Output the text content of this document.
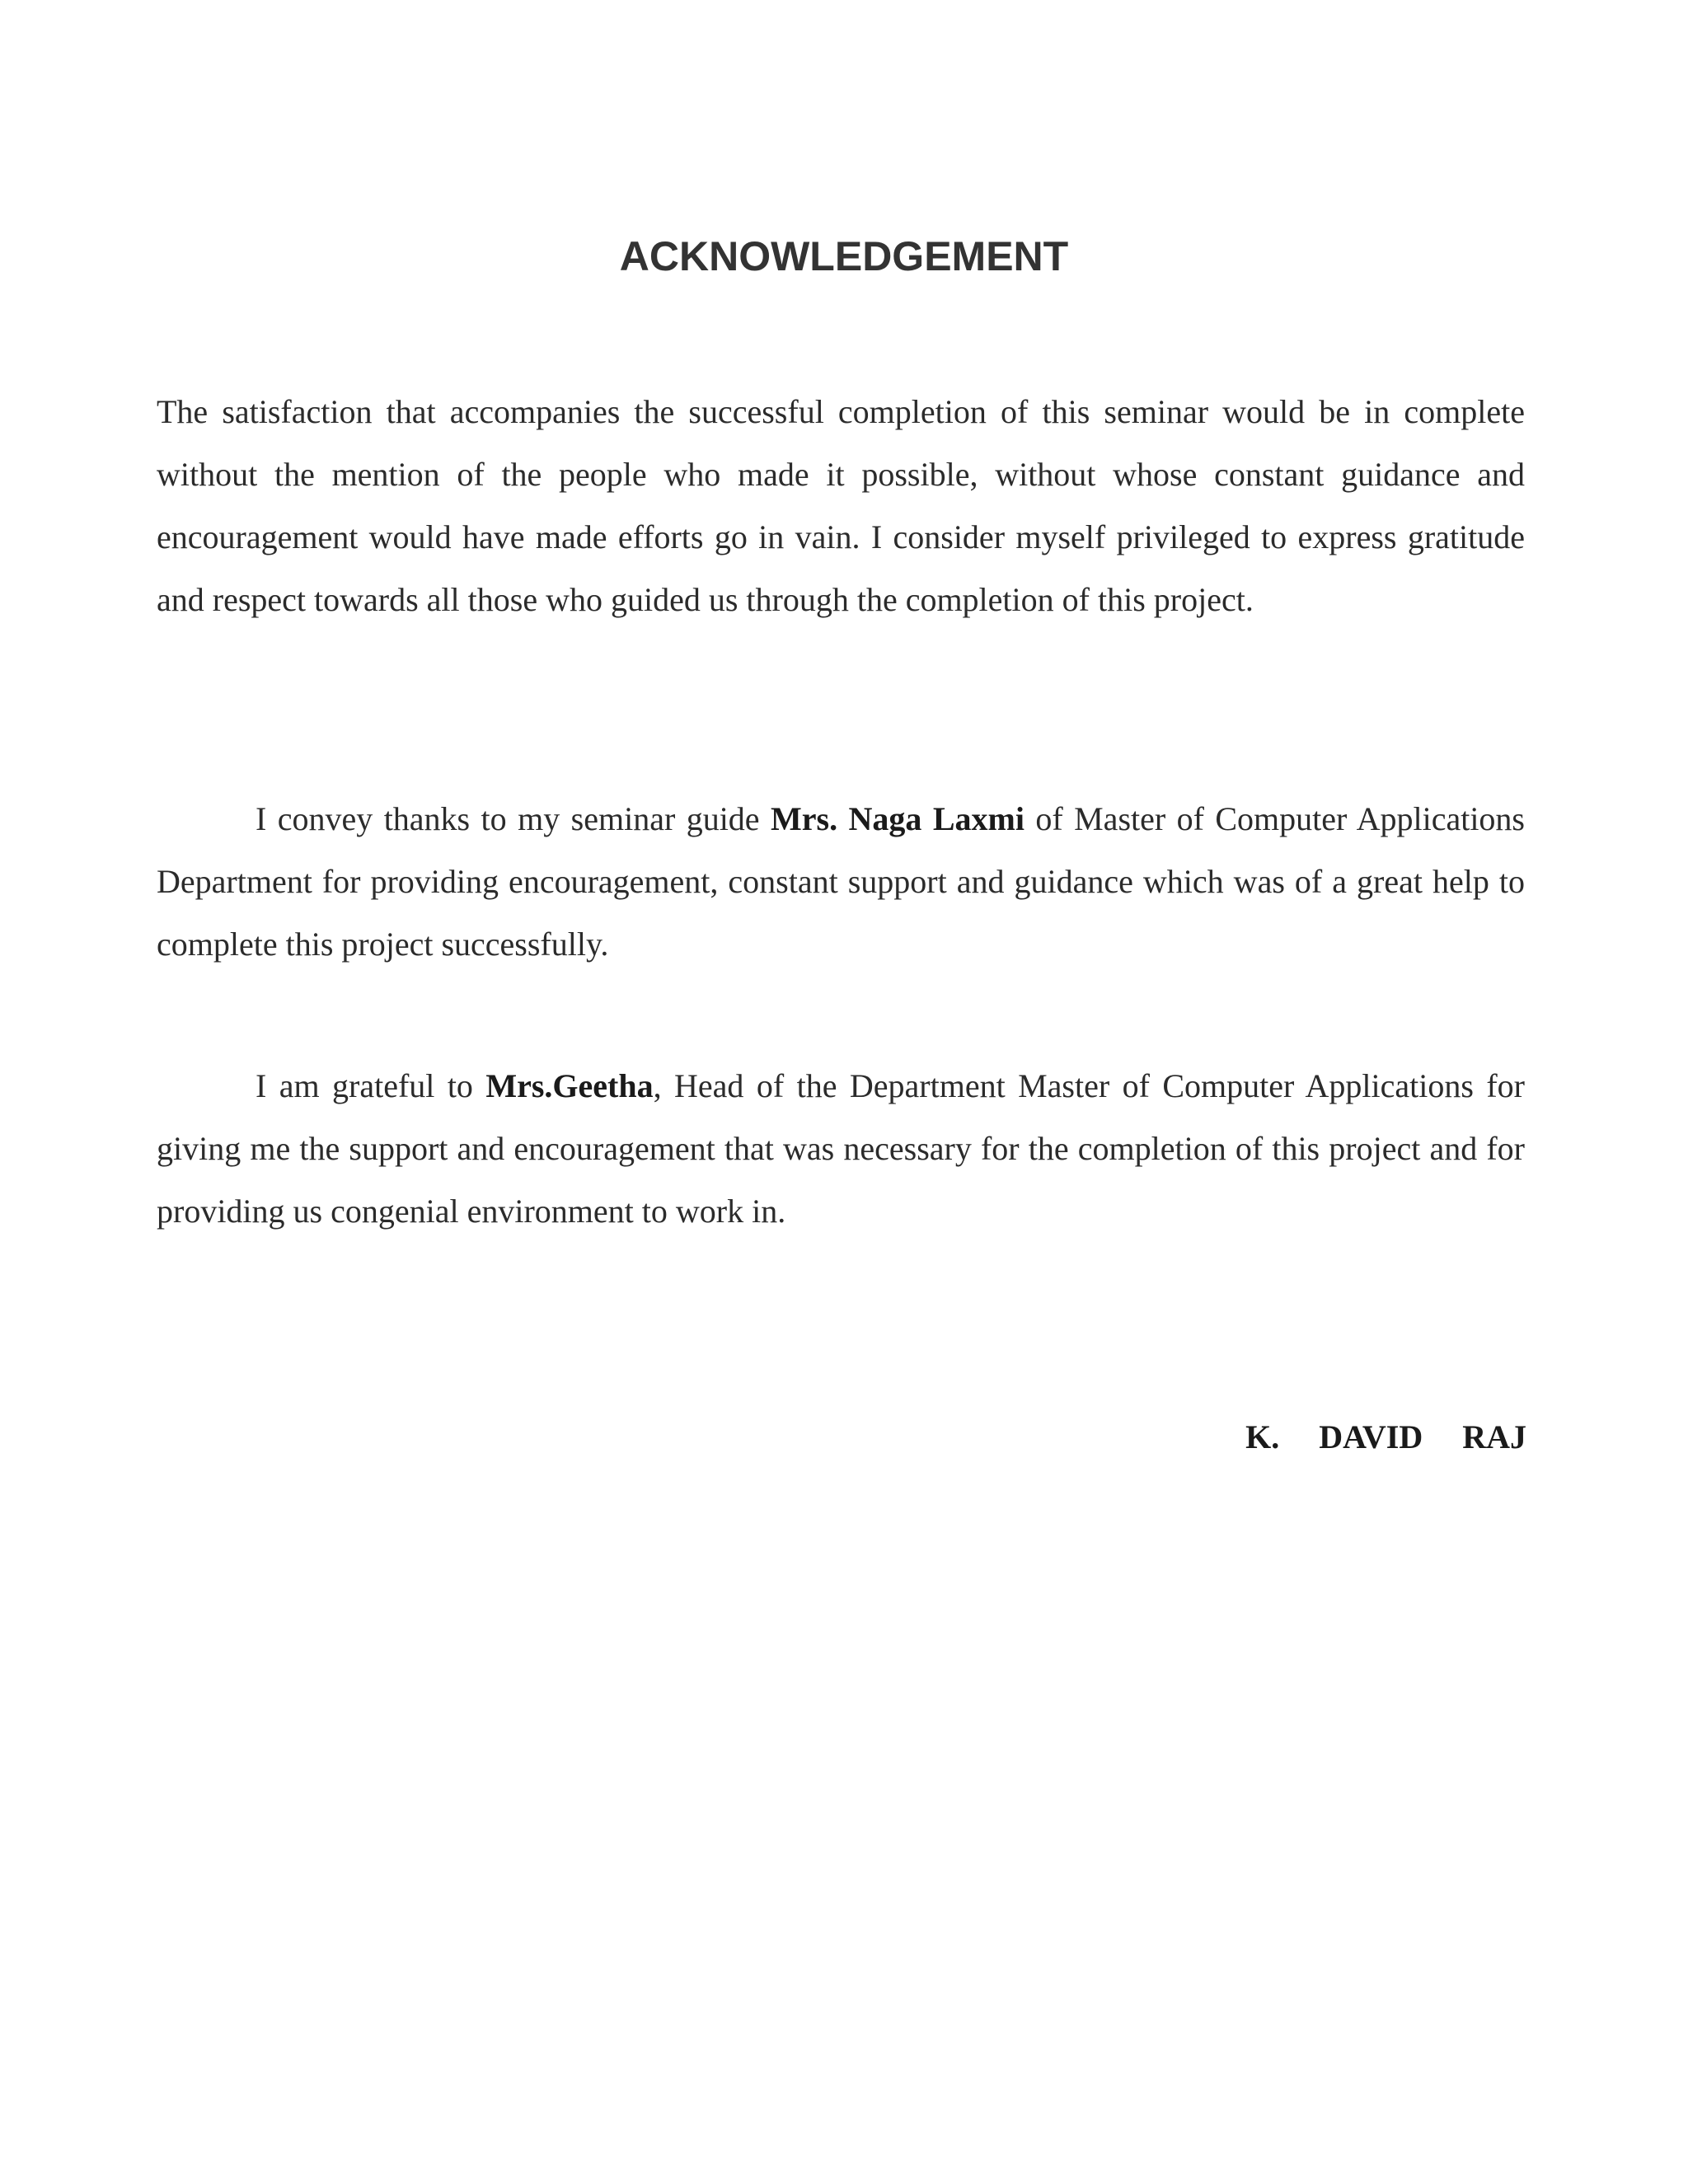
ACKNOWLEDGEMENT

The satisfaction that accompanies the successful completion of this seminar would be in complete without the mention of the people who made it possible, without whose constant guidance and encouragement would have made efforts go in vain. I consider myself privileged to express gratitude and respect towards all those who guided us through the completion of this project.

I convey thanks to my seminar guide Mrs. Naga Laxmi of Master of Computer Applications Department for providing encouragement, constant support and guidance which was of a great help to complete this project successfully.

I am grateful to Mrs.Geetha, Head of the Department Master of Computer Applications for giving me the support and encouragement that was necessary for the completion of this project and for providing us congenial environment to work in.

K.  DAVID  RAJ
